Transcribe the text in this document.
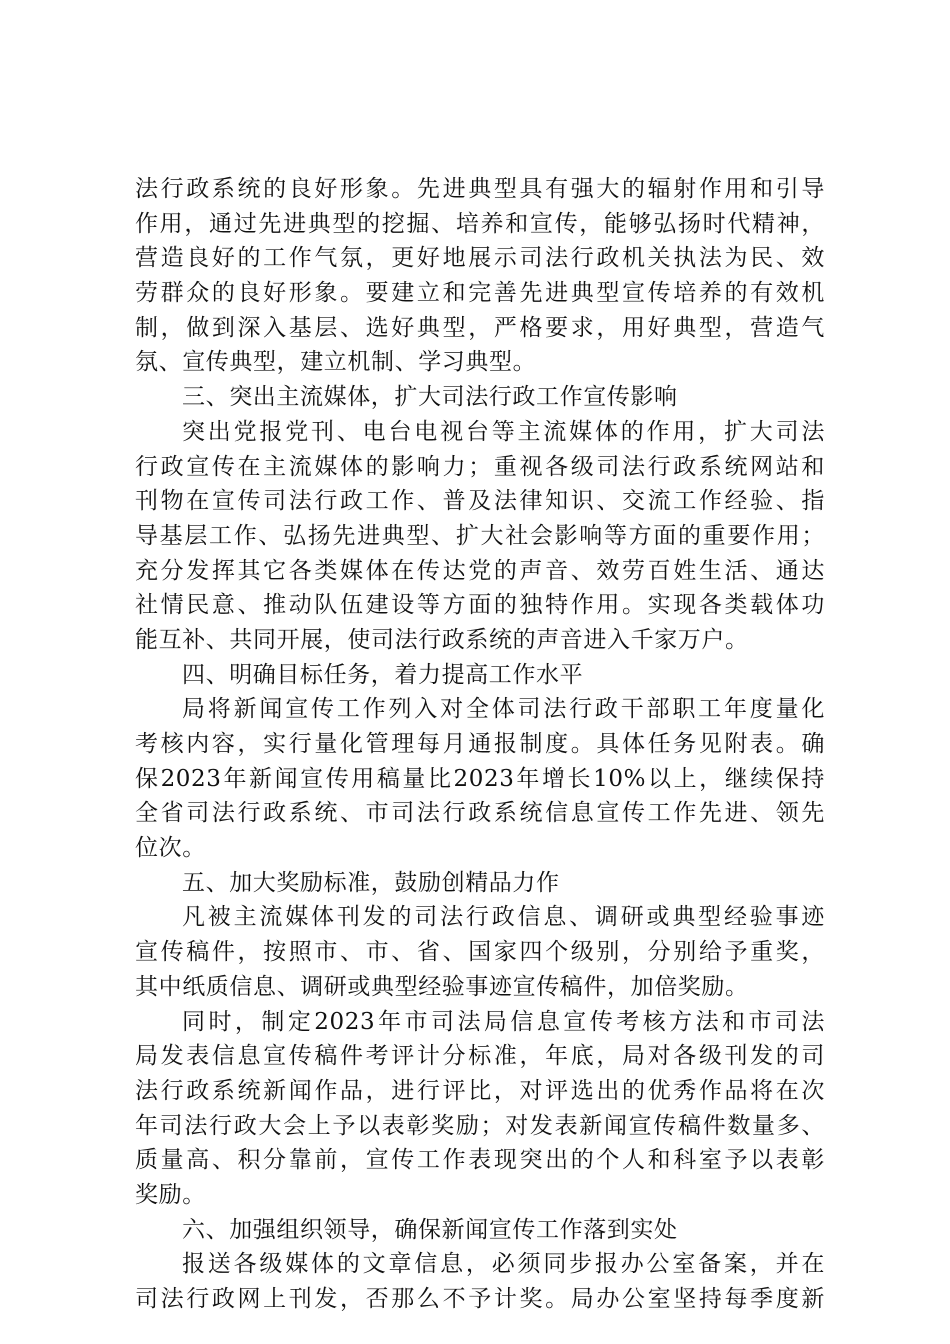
法行政系统的良好形象。先进典型具有强大的辐射作用和引导
作用，通过先进典型的挖掘、培养和宣传，能够弘扬时代精神，
营造良好的工作气氛，更好地展示司法行政机关执法为民、效
劳群众的良好形象。要建立和完善先进典型宣传培养的有效机
制，做到深入基层、选好典型，严格要求，用好典型，营造气
氛、宣传典型，建立机制、学习典型。
三、突出主流媒体，扩大司法行政工作宣传影响
突出党报党刊、电台电视台等主流媒体的作用，扩大司法
行政宣传在主流媒体的影响力；重视各级司法行政系统网站和
刊物在宣传司法行政工作、普及法律知识、交流工作经验、指
导基层工作、弘扬先进典型、扩大社会影响等方面的重要作用；
充分发挥其它各类媒体在传达党的声音、效劳百姓生活、通达
社情民意、推动队伍建设等方面的独特作用。实现各类载体功
能互补、共同开展，使司法行政系统的声音进入千家万户。
四、明确目标任务，着力提高工作水平
局将新闻宣传工作列入对全体司法行政干部职工年度量化
考核内容，实行量化管理每月通报制度。具体任务见附表。确
保2023年新闻宣传用稿量比2023年增长10%以上，继续保持
全省司法行政系统、市司法行政系统信息宣传工作先进、领先
位次。
五、加大奖励标准，鼓励创精品力作
凡被主流媒体刊发的司法行政信息、调研或典型经验事迹
宣传稿件，按照市、市、省、国家四个级别，分别给予重奖，
其中纸质信息、调研或典型经验事迹宣传稿件，加倍奖励。
同时，制定2023年市司法局信息宣传考核方法和市司法
局发表信息宣传稿件考评计分标准，年底，局对各级刊发的司
法行政系统新闻作品，进行评比，对评选出的优秀作品将在次
年司法行政大会上予以表彰奖励；对发表新闻宣传稿件数量多、
质量高、积分靠前，宣传工作表现突出的个人和科室予以表彰
奖励。
六、加强组织领导，确保新闻宣传工作落到实处
报送各级媒体的文章信息，必须同步报办公室备案，并在
司法行政网上刊发，否那么不予计奖。局办公室坚持每季度新
